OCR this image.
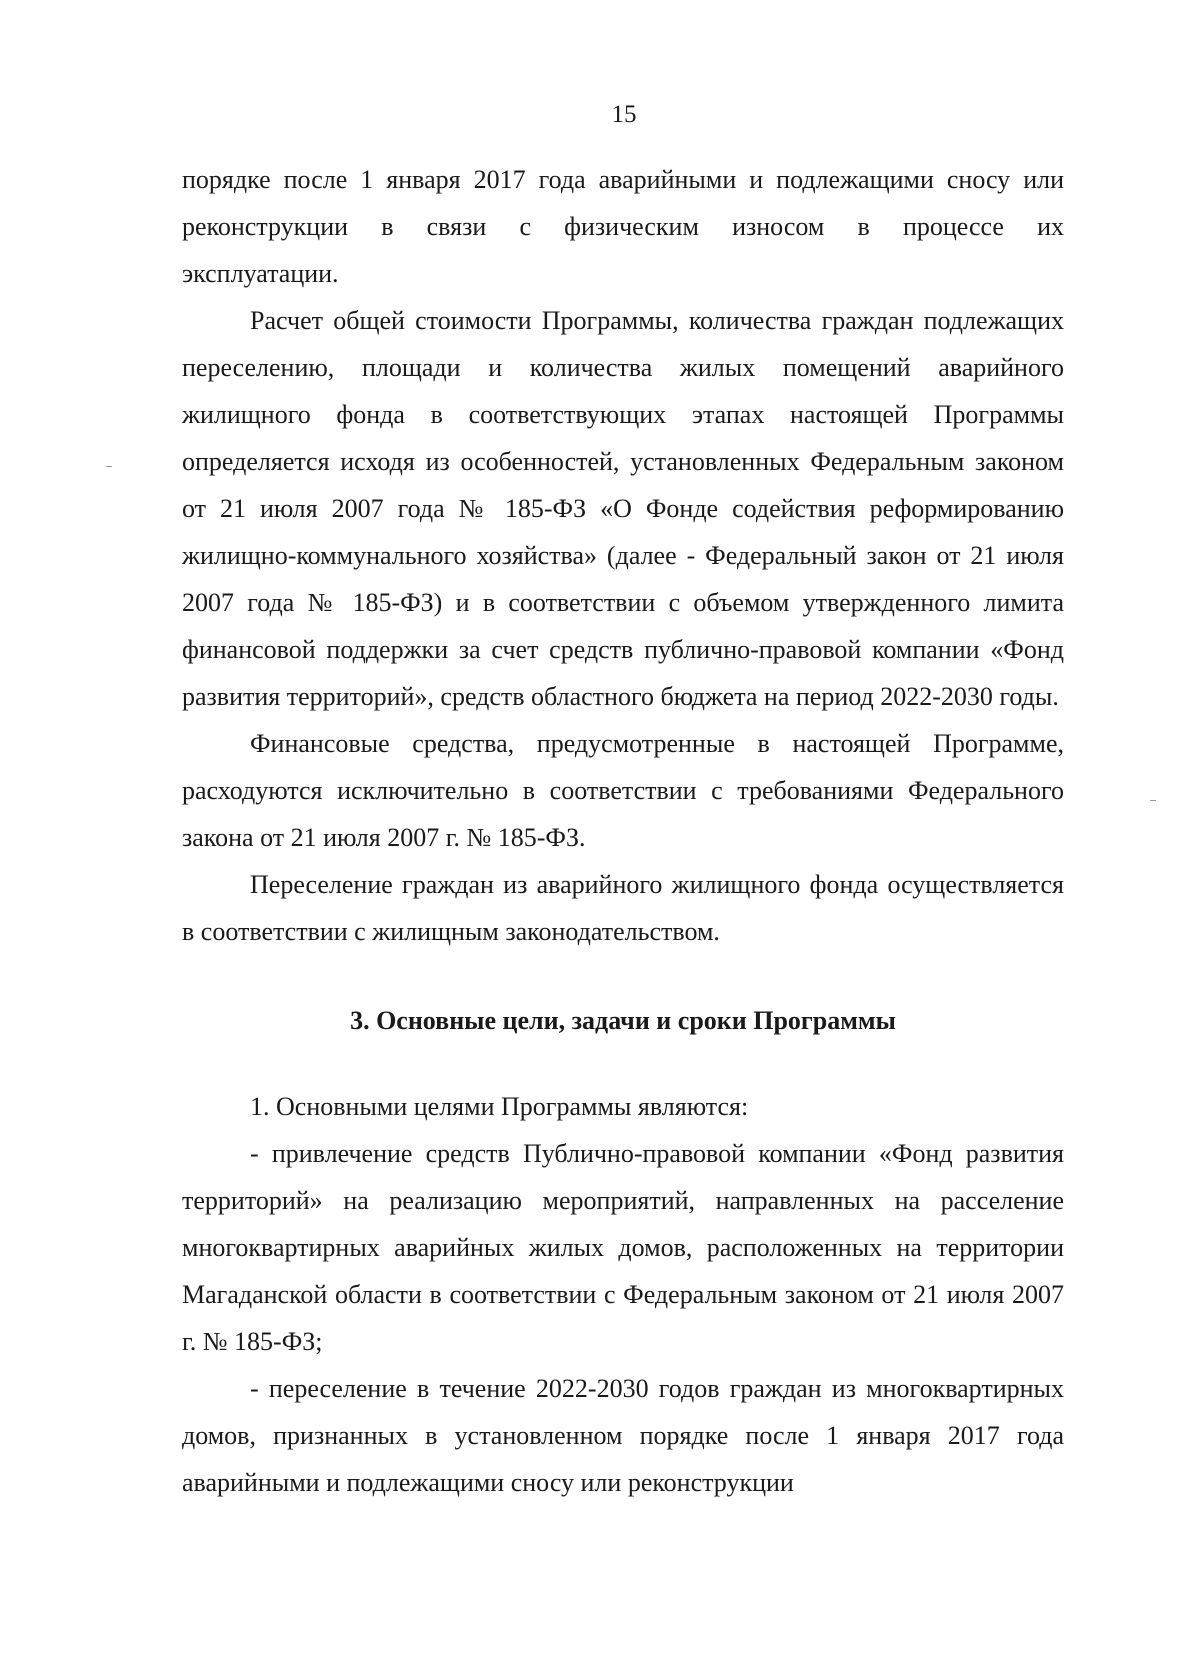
15

порядке после 1 января 2017 года аварийными и подлежащими сносу или

реконструкции в связи с физическим износом в процессе их

эксплуатации.

Расчет общей стоимости Программы, количества граждан подлежащих переселению, площади и количества жилых помещений аварийного жилищного фонда в соответствующих этапах настоящей Программы определяется исходя из особенностей, установленных Федеральным законом от 21 июля 2007 года № 185-ФЗ «О Фонде содействия реформированию жилищно-коммунального хозяйства» (далее - Федеральный закон от 21 июля 2007 года № 185-ФЗ) и в соответствии с объемом утвержденного лимита финансовой поддержки за счет средств публично-правовой компании «Фонд развития территорий», средств областного бюджета на период 2022-2030 годы.

Финансовые средства, предусмотренные в настоящей Программе, расходуются исключительно в соответствии с требованиями Федерального закона от 21 июля 2007 г. № 185-ФЗ.

Переселение граждан из аварийного жилищного фонда осуществляется в соответствии с жилищным законодательством.

3. Основные цели, задачи и сроки Программы

1. Основными целями Программы являются:

- привлечение средств Публично-правовой компании «Фонд развития территорий» на реализацию мероприятий, направленных на расселение многоквартирных аварийных жилых домов, расположенных на территории Магаданской области в соответствии с Федеральным законом от 21 июля 2007 г. № 185-ФЗ;

- переселение в течение 2022-2030 годов граждан из многоквартирных домов, признанных в установленном порядке после 1 января 2017 года аварийными и подлежащими сносу или реконструкции
